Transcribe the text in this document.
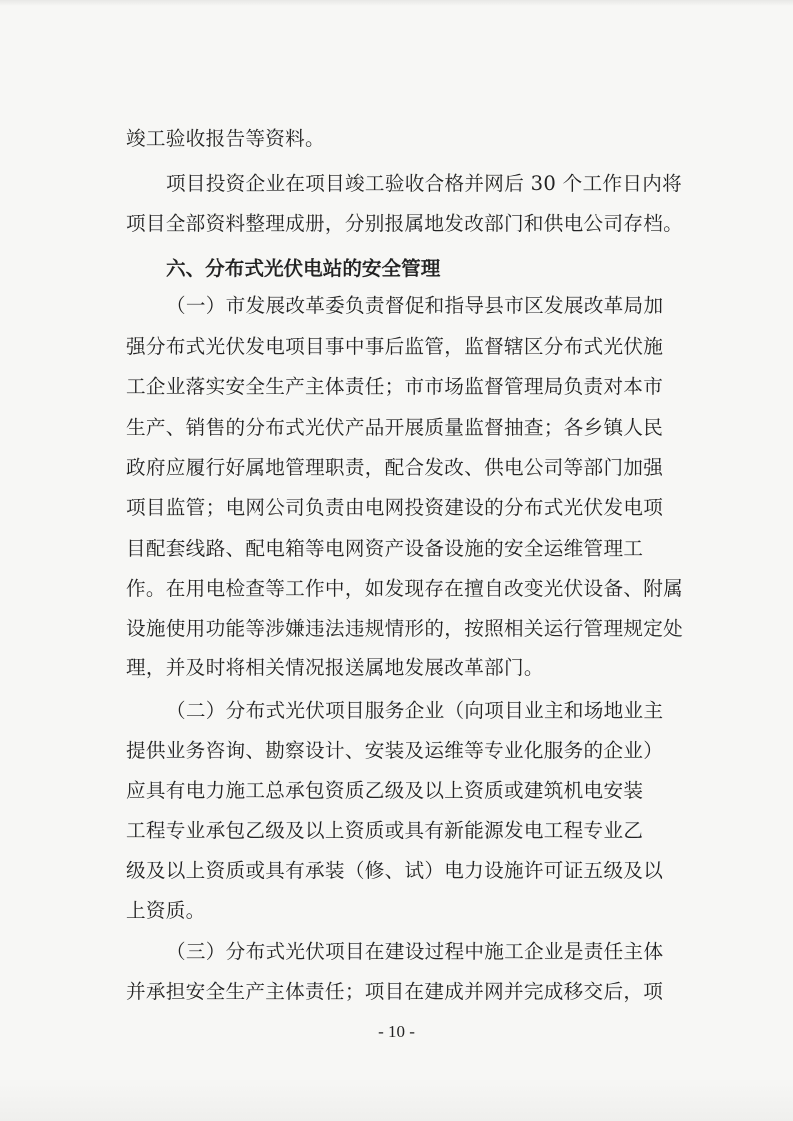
竣工验收报告等资料。
项目投资企业在项目竣工验收合格并网后 30 个工作日内将
项目全部资料整理成册，分别报属地发改部门和供电公司存档。
六、分布式光伏电站的安全管理
（一）市发展改革委负责督促和指导县市区发展改革局加
强分布式光伏发电项目事中事后监管，监督辖区分布式光伏施
工企业落实安全生产主体责任；市市场监督管理局负责对本市
生产、销售的分布式光伏产品开展质量监督抽查；各乡镇人民
政府应履行好属地管理职责，配合发改、供电公司等部门加强
项目监管；电网公司负责由电网投资建设的分布式光伏发电项
目配套线路、配电箱等电网资产设备设施的安全运维管理工
作。在用电检查等工作中，如发现存在擅自改变光伏设备、附属
设施使用功能等涉嫌违法违规情形的，按照相关运行管理规定处
理，并及时将相关情况报送属地发展改革部门。
（二）分布式光伏项目服务企业（向项目业主和场地业主
提供业务咨询、勘察设计、安装及运维等专业化服务的企业）
应具有电力施工总承包资质乙级及以上资质或建筑机电安装
工程专业承包乙级及以上资质或具有新能源发电工程专业乙
级及以上资质或具有承装（修、试）电力设施许可证五级及以
上资质。
（三）分布式光伏项目在建设过程中施工企业是责任主体
并承担安全生产主体责任；项目在建成并网并完成移交后，项
- 10 -
